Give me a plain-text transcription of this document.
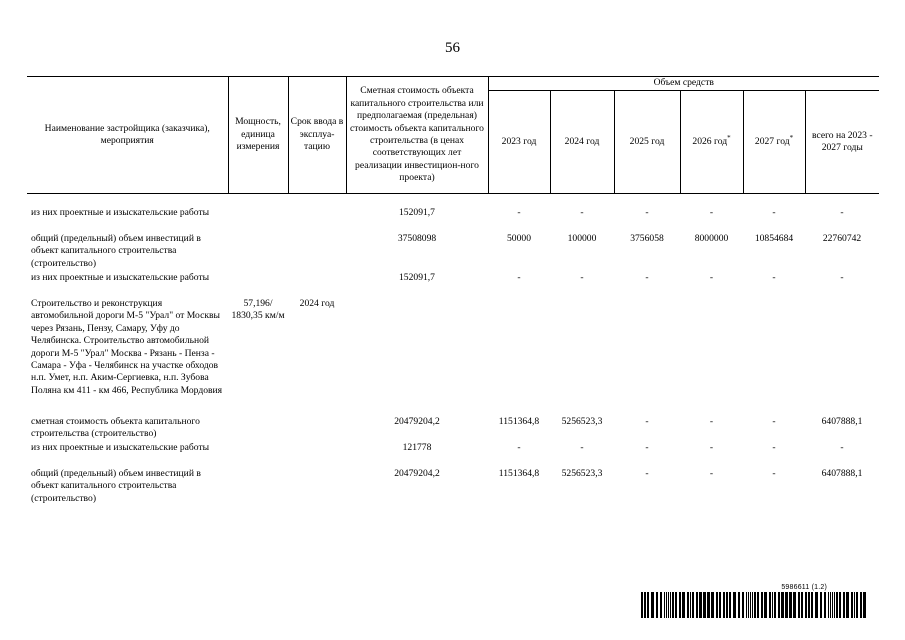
56
Наименование застройщика (заказчика), мероприятия	Мощность, единица измерения	Срок ввода в эксплуа-тацию	Сметная стоимость объекта капитального строительства или предполагаемая (предельная) стоимость объекта капитального строительства (в ценах соответствующих лет реализации инвестицион-ного проекта)	Объем средств					
				2023 год	2024 год	2025 год	2026 год*	2027 год*	всего на 2023 - 2027 годы

из них проектные и изыскательские работы			152091,7	-	-	-	-	-	-
общий (предельный) объем инвестиций в объект капитального строительства (строительство)			37508098	50000	100000	3756058	8000000	10854684	22760742
из них проектные и изыскательские работы			152091,7	-	-	-	-	-	-
Строительство и реконструкция автомобильной дороги М-5 "Урал" от Москвы через Рязань, Пензу, Самару, Уфу до Челябинска. Строительство автомобильной дороги М-5 "Урал" Москва - Рязань - Пенза - Самара - Уфа - Челябинск на участке обходов н.п. Умет, н.п. Аким-Сергиевка, н.п. Зубова Поляна км 411 - км 466, Республика Мордовия	57,196/ 1830,35 км/м	2024 год							
сметная стоимость объекта капитального строительства (строительство)			20479204,2	1151364,8	5256523,3	-	-	-	6407888,1
из них проектные и изыскательские работы			121778	-	-	-	-	-	-
общий (предельный) объем инвестиций в объект капитального строительства (строительство)			20479204,2	1151364,8	5256523,3	-	-	-	6407888,1
5986611 (1.2)
